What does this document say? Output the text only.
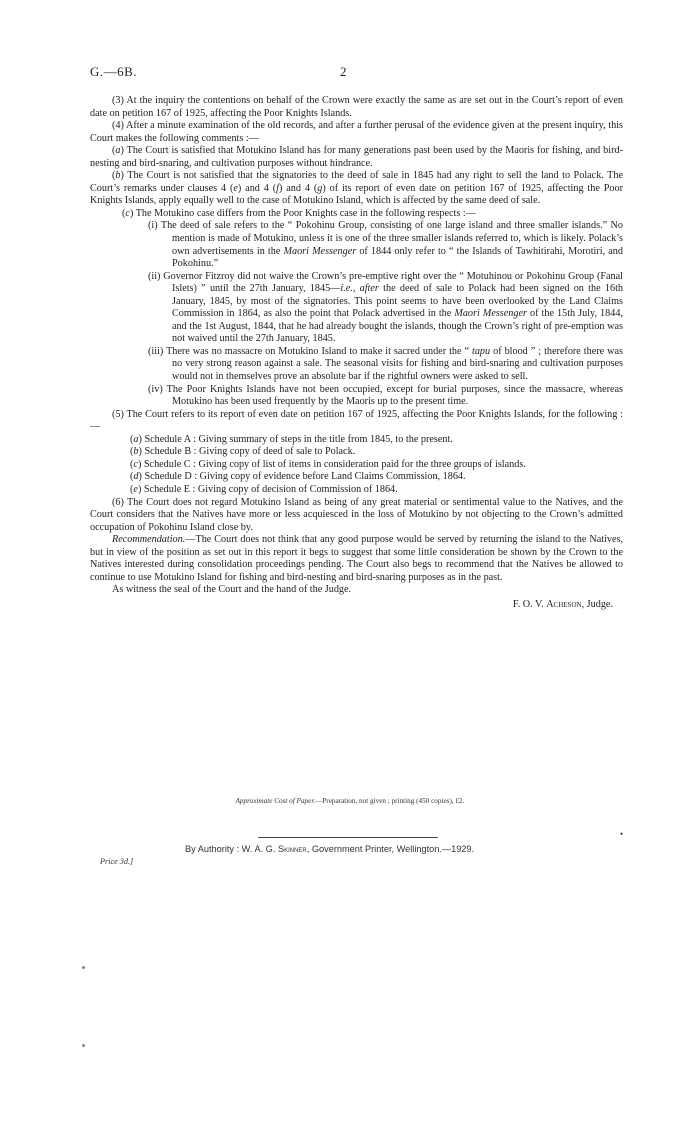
G.—6B.	2

(3) At the inquiry the contentions on behalf of the Crown were exactly the same as are set out in the Court’s report of even date on petition 167 of 1925, affecting the Poor Knights Islands.

(4) After a minute examination of the old records, and after a further perusal of the evidence given at the present inquiry, this Court makes the following comments :—

(a) The Court is satisfied that Motukino Island has for many generations past been used by the Maoris for fishing, and bird-nesting and bird-snaring, and cultivation purposes without hindrance.

(b) The Court is not satisfied that the signatories to the deed of sale in 1845 had any right to sell the land to Polack. The Court’s remarks under clauses 4 (e) and 4 (f) and 4 (g) of its report of even date on petition 167 of 1925, affecting the Poor Knights Islands, apply equally well to the case of Motukino Island, which is affected by the same deed of sale.

(c) The Motukino case differs from the Poor Knights case in the following respects :—

(i) The deed of sale refers to the “ Pokohinu Group, consisting of one large island and three smaller islands.” No mention is made of Motukino, unless it is one of the three smaller islands referred to, which is likely. Polack’s own advertisements in the Maori Messenger of 1844 only refer to “ the Islands of Tawhitirahi, Morotiri, and Pokohinu.”

(ii) Governor Fitzroy did not waive the Crown’s pre-emptive right over the “ Motuhinou or Pokohinu Group (Fanal Islets) ” until the 27th January, 1845—i.e., after the deed of sale to Polack had been signed on the 16th January, 1845, by most of the signatories. This point seems to have been overlooked by the Land Claims Commission in 1864, as also the point that Polack advertised in the Maori Messenger of the 15th July, 1844, and the 1st August, 1844, that he had already bought the islands, though the Crown’s right of pre-emption was not waived until the 27th January, 1845.

(iii) There was no massacre on Motukino Island to make it sacred under the “ tapu of blood ” ; therefore there was no very strong reason against a sale. The seasonal visits for fishing and bird-snaring and cultivation purposes would not in themselves prove an absolute bar if the rightful owners were asked to sell.

(iv) The Poor Knights Islands have not been occupied, except for burial purposes, since the massacre, whereas Motukino has been used frequently by the Maoris up to the present time.

(5) The Court refers to its report of even date on petition 167 of 1925, affecting the Poor Knights Islands, for the following :—

(a) Schedule A : Giving summary of steps in the title from 1845, to the present.

(b) Schedule B : Giving copy of deed of sale to Polack.

(c) Schedule C : Giving copy of list of items in consideration paid for the three groups of islands.

(d) Schedule D : Giving copy of evidence before Land Claims Commission, 1864.

(e) Schedule E : Giving copy of decision of Commission of 1864.

(6) The Court does not regard Motukino Island as being of any great material or sentimental value to the Natives, and the Court considers that the Natives have more or less acquiesced in the loss of Motukino by not objecting to the Crown’s admitted occupation of Pokohinu Island close by.

Recommendation.—The Court does not think that any good purpose would be served by returning the island to the Natives, but in view of the position as set out in this report it begs to suggest that some little consideration be shown by the Crown to the Natives interested during consolidation proceedings pending. The Court also begs to recommend that the Natives be allowed to continue to use Motukino Island for fishing and bird-nesting and bird-snaring purposes as in the past.

As witness the seal of the Court and the hand of the Judge.

F. O. V. Acheson, Judge.

Approximate Cost of Paper.—Preparation, not given ; printing (450 copies), £2.
•
By Authority : W. A. G. Skinner, Government Printer, Wellington.—1929.
Price 3d.]
